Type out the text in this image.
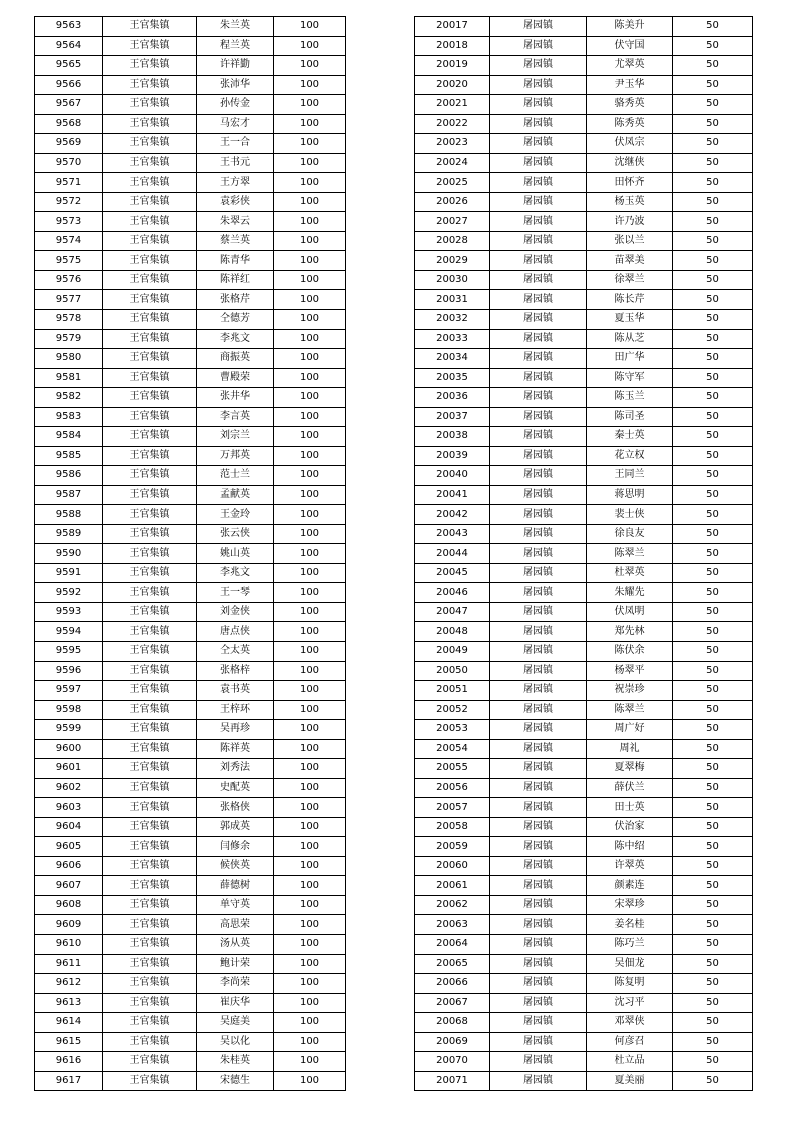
9563	王官集镇	朱兰英	100
9564	王官集镇	程兰英	100
9565	王官集镇	许祥勤	100
9566	王官集镇	张沛华	100
9567	王官集镇	孙传金	100
9568	王官集镇	马宏才	100
9569	王官集镇	王一合	100
9570	王官集镇	王书元	100
9571	王官集镇	王方翠	100
9572	王官集镇	袁彩侠	100
9573	王官集镇	朱翠云	100
9574	王官集镇	蔡兰英	100
9575	王官集镇	陈青华	100
9576	王官集镇	陈祥红	100
9577	王官集镇	张格芹	100
9578	王官集镇	仝德芳	100
9579	王官集镇	李兆文	100
9580	王官集镇	商振英	100
9581	王官集镇	曹殿荣	100
9582	王官集镇	张井华	100
9583	王官集镇	李言英	100
9584	王官集镇	刘宗兰	100
9585	王官集镇	万邦英	100
9586	王官集镇	范士兰	100
9587	王官集镇	孟献英	100
9588	王官集镇	王金玲	100
9589	王官集镇	张云侠	100
9590	王官集镇	姚山英	100
9591	王官集镇	李兆文	100
9592	王官集镇	王一琴	100
9593	王官集镇	刘金侠	100
9594	王官集镇	唐点侠	100
9595	王官集镇	仝太英	100
9596	王官集镇	张格梓	100
9597	王官集镇	袁书英	100
9598	王官集镇	王梓环	100
9599	王官集镇	吴再珍	100
9600	王官集镇	陈祥英	100
9601	王官集镇	刘秀法	100
9602	王官集镇	史配英	100
9603	王官集镇	张格侠	100
9604	王官集镇	郭成英	100
9605	王官集镇	闫修余	100
9606	王官集镇	候侠英	100
9607	王官集镇	薛德树	100
9608	王官集镇	单守英	100
9609	王官集镇	高思荣	100
9610	王官集镇	汤从英	100
9611	王官集镇	鲍计荣	100
9612	王官集镇	李尚荣	100
9613	王官集镇	崔庆华	100
9614	王官集镇	吴庭美	100
9615	王官集镇	吴以化	100
9616	王官集镇	朱桂英	100
9617	王官集镇	宋德生	100
20017	屠园镇	陈美升	50
20018	屠园镇	伏守国	50
20019	屠园镇	尤翠英	50
20020	屠园镇	尹玉华	50
20021	屠园镇	骆秀英	50
20022	屠园镇	陈秀英	50
20023	屠园镇	伏凤宗	50
20024	屠园镇	沈继侠	50
20025	屠园镇	田怀齐	50
20026	屠园镇	杨玉英	50
20027	屠园镇	许乃波	50
20028	屠园镇	张以兰	50
20029	屠园镇	苗翠美	50
20030	屠园镇	徐翠兰	50
20031	屠园镇	陈长芹	50
20032	屠园镇	夏玉华	50
20033	屠园镇	陈从芝	50
20034	屠园镇	田广华	50
20035	屠园镇	陈守军	50
20036	屠园镇	陈玉兰	50
20037	屠园镇	陈司圣	50
20038	屠园镇	秦士英	50
20039	屠园镇	花立权	50
20040	屠园镇	王同兰	50
20041	屠园镇	蒋思明	50
20042	屠园镇	裴士侠	50
20043	屠园镇	徐良友	50
20044	屠园镇	陈翠兰	50
20045	屠园镇	杜翠英	50
20046	屠园镇	朱耀先	50
20047	屠园镇	伏凤明	50
20048	屠园镇	郑先林	50
20049	屠园镇	陈伏余	50
20050	屠园镇	杨翠平	50
20051	屠园镇	祝崇珍	50
20052	屠园镇	陈翠兰	50
20053	屠园镇	周广好	50
20054	屠园镇	周礼	50
20055	屠园镇	夏翠梅	50
20056	屠园镇	薛伏兰	50
20057	屠园镇	田士英	50
20058	屠园镇	伏治家	50
20059	屠园镇	陈中绍	50
20060	屠园镇	许翠英	50
20061	屠园镇	颜素连	50
20062	屠园镇	宋翠珍	50
20063	屠园镇	姜名桂	50
20064	屠园镇	陈巧兰	50
20065	屠园镇	吴佃龙	50
20066	屠园镇	陈复明	50
20067	屠园镇	沈习平	50
20068	屠园镇	邓翠侠	50
20069	屠园镇	何彦召	50
20070	屠园镇	杜立品	50
20071	屠园镇	夏美丽	50
